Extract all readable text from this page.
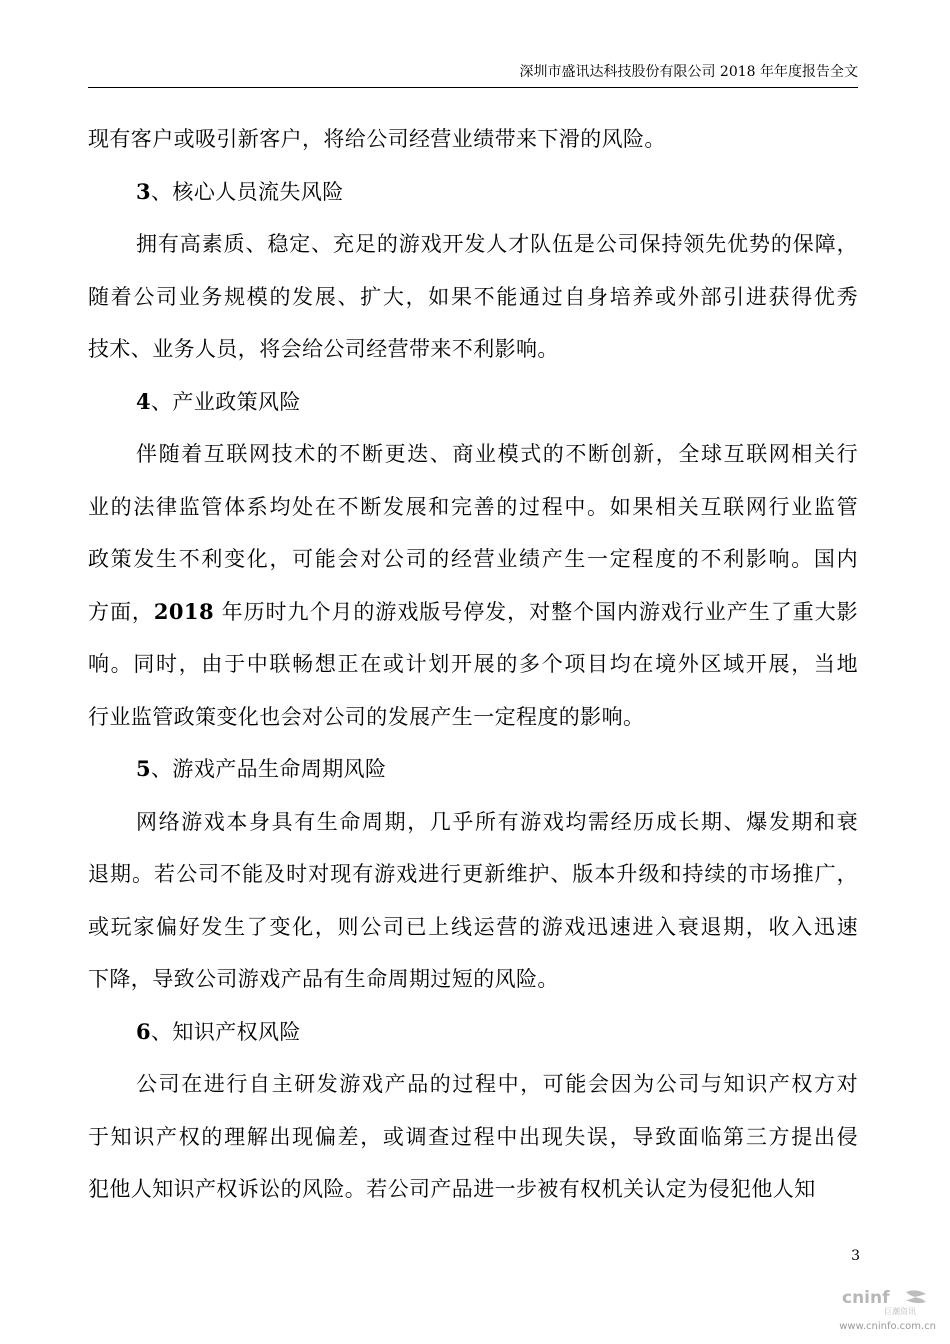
深圳市盛讯达科技股份有限公司 2018 年年度报告全文
现有客户或吸引新客户，将给公司经营业绩带来下滑的风险。
3、核心人员流失风险
拥有高素质、稳定、充足的游戏开发人才队伍是公司保持领先优势的保障，
随着公司业务规模的发展、扩大，如果不能通过自身培养或外部引进获得优秀
技术、业务人员，将会给公司经营带来不利影响。
4、产业政策风险
伴随着互联网技术的不断更迭、商业模式的不断创新，全球互联网相关行
业的法律监管体系均处在不断发展和完善的过程中。如果相关互联网行业监管
政策发生不利变化，可能会对公司的经营业绩产生一定程度的不利影响。国内
方面，2018 年历时九个月的游戏版号停发，对整个国内游戏行业产生了重大影
响。同时，由于中联畅想正在或计划开展的多个项目均在境外区域开展，当地
行业监管政策变化也会对公司的发展产生一定程度的影响。
5、游戏产品生命周期风险
网络游戏本身具有生命周期，几乎所有游戏均需经历成长期、爆发期和衰
退期。若公司不能及时对现有游戏进行更新维护、版本升级和持续的市场推广，
或玩家偏好发生了变化，则公司已上线运营的游戏迅速进入衰退期，收入迅速
下降，导致公司游戏产品有生命周期过短的风险。
6、知识产权风险
公司在进行自主研发游戏产品的过程中，可能会因为公司与知识产权方对
于知识产权的理解出现偏差，或调查过程中出现失误，导致面临第三方提出侵
犯他人知识产权诉讼的风险。若公司产品进一步被有权机关认定为侵犯他人知
3
cninf
巨潮资讯
www.cninfo.com.cn
